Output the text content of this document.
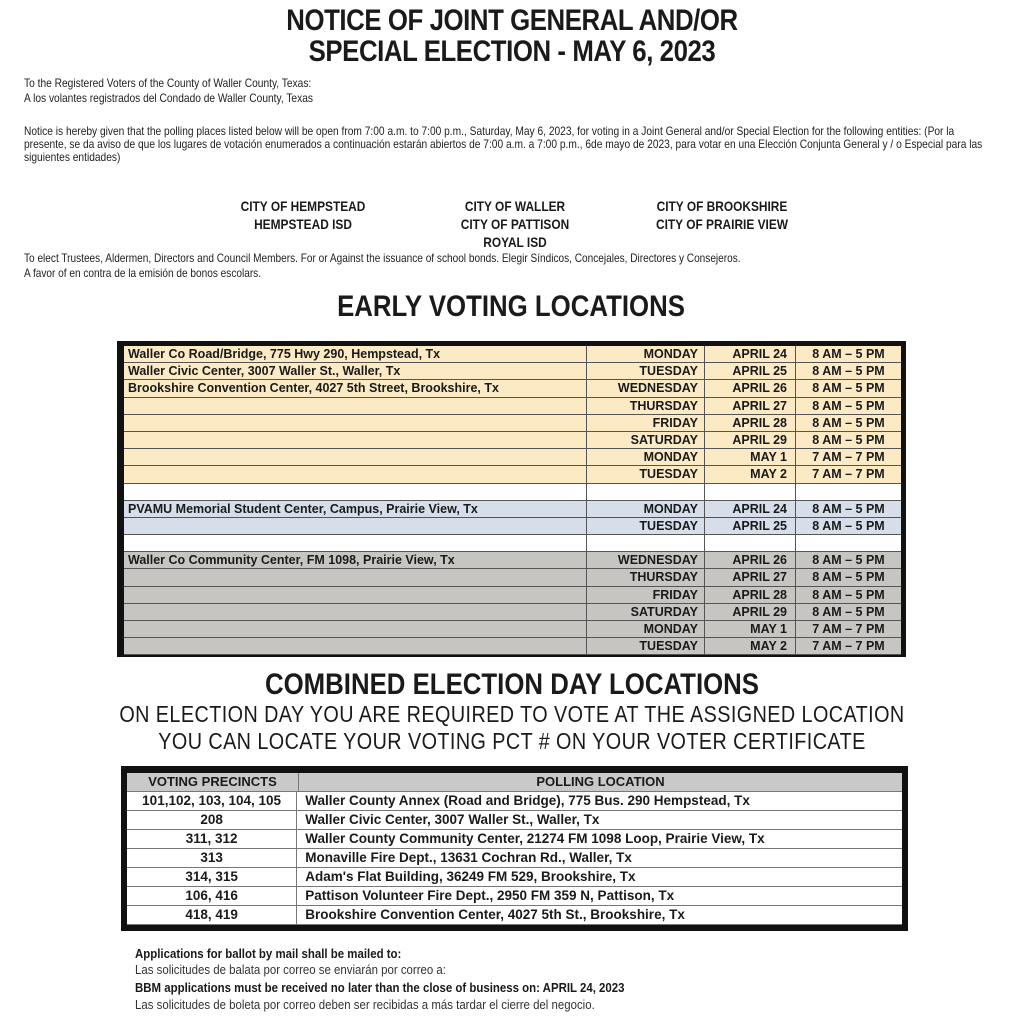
NOTICE OF JOINT GENERAL AND/OR
SPECIAL ELECTION - MAY 6, 2023
To the Registered Voters of the County of Waller County, Texas:
A los volantes registrados del Condado de Waller County, Texas
Notice is hereby given that the polling places listed below will be open from 7:00 a.m. to 7:00 p.m., Saturday, May 6, 2023, for voting in a Joint General and/or Special Election for the following entities: (Por la presente, se da aviso de que los lugares de votación enumerados a continuación estarán abiertos de 7:00 a.m. a 7:00 p.m., 6de mayo de 2023, para votar en una Elección Conjunta General y / o Especial para las siguientes entidades)
CITY OF HEMPSTEAD
HEMPSTEAD ISD
CITY OF WALLER
CITY OF PATTISON
ROYAL ISD
CITY OF BROOKSHIRE
CITY OF PRAIRIE VIEW
To elect Trustees, Aldermen, Directors and Council Members. For or Against the issuance of school bonds. Elegir Síndicos, Concejales, Directores y Consejeros.
A favor of en contra de la emisión de bonos escolars.
EARLY VOTING LOCATIONS
Waller Co Road/Bridge, 775 Hwy 290, Hempstead, Tx	MONDAY	APRIL 24	8 AM – 5 PM
Waller Civic Center, 3007 Waller St., Waller, Tx	TUESDAY	APRIL 25	8 AM – 5 PM
Brookshire Convention Center, 4027 5th Street, Brookshire, Tx	WEDNESDAY	APRIL 26	8 AM – 5 PM
THURSDAY	APRIL 27	8 AM – 5 PM
FRIDAY	APRIL 28	8 AM – 5 PM
SATURDAY	APRIL 29	8 AM – 5 PM
MONDAY	MAY 1	7 AM – 7 PM
TUESDAY	MAY 2	7 AM – 7 PM
PVAMU Memorial Student Center, Campus, Prairie View, Tx	MONDAY	APRIL 24	8 AM – 5 PM
TUESDAY	APRIL 25	8 AM – 5 PM
Waller Co Community Center, FM 1098, Prairie View, Tx	WEDNESDAY	APRIL 26	8 AM – 5 PM
THURSDAY	APRIL 27	8 AM – 5 PM
FRIDAY	APRIL 28	8 AM – 5 PM
SATURDAY	APRIL 29	8 AM – 5 PM
MONDAY	MAY 1	7 AM – 7 PM
TUESDAY	MAY 2	7 AM – 7 PM
COMBINED ELECTION DAY LOCATIONS
ON ELECTION DAY YOU ARE REQUIRED TO VOTE AT THE ASSIGNED LOCATION
YOU CAN LOCATE YOUR VOTING PCT # ON YOUR VOTER CERTIFICATE
VOTING PRECINCTS	POLLING LOCATION
101,102, 103, 104, 105	Waller County Annex (Road and Bridge), 775 Bus. 290 Hempstead, Tx
208	Waller Civic Center, 3007 Waller St., Waller, Tx
311, 312	Waller County Community Center, 21274 FM 1098 Loop, Prairie View, Tx
313	Monaville Fire Dept., 13631 Cochran Rd., Waller, Tx
314, 315	Adam's Flat Building, 36249 FM 529, Brookshire, Tx
106, 416	Pattison Volunteer Fire Dept., 2950 FM 359 N, Pattison, Tx
418, 419	Brookshire Convention Center, 4027 5th St., Brookshire, Tx
Applications for ballot by mail shall be mailed to:
Las solicitudes de balata por correo se enviarán por correo a:
BBM applications must be received no later than the close of business on: APRIL 24, 2023
Las solicitudes de boleta por correo deben ser recibidas a más tardar el cierre del negocio.
